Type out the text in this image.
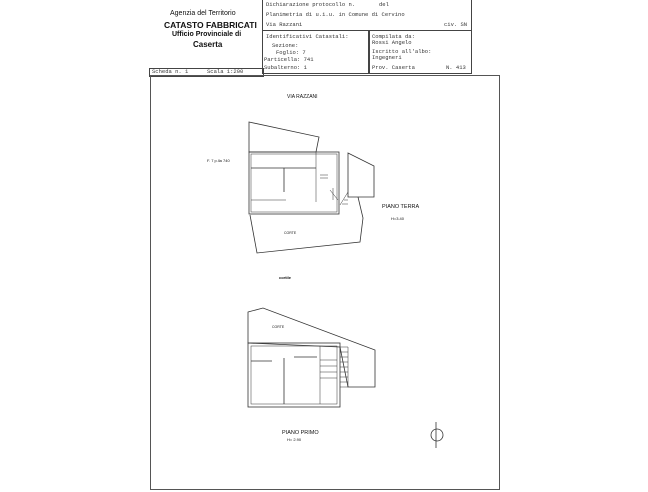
Agenzia del Territorio
CATASTO FABBRICATI
Ufficio Provinciale di
Caserta
Dichiarazione protocollo n.	del
Planimetria di u.i.u. in Comune di Cervino
Via Razzani	civ. SN
Identificativi Catastali:
Sezione:
Foglio: 7
Particella: 741
Subalterno: 1
Compilata da:
Rossi Angelo
Iscritto all'albo:
Ingegneri
Prov. Caserta	N. 413
Scheda n. 1	Scala 1:200
VIA RAZZANI
F. 7 p.lla 740
PIANO TERRA
H=3.40
CORTE
cortile
CORTE
PIANO PRIMO
H= 2.90
